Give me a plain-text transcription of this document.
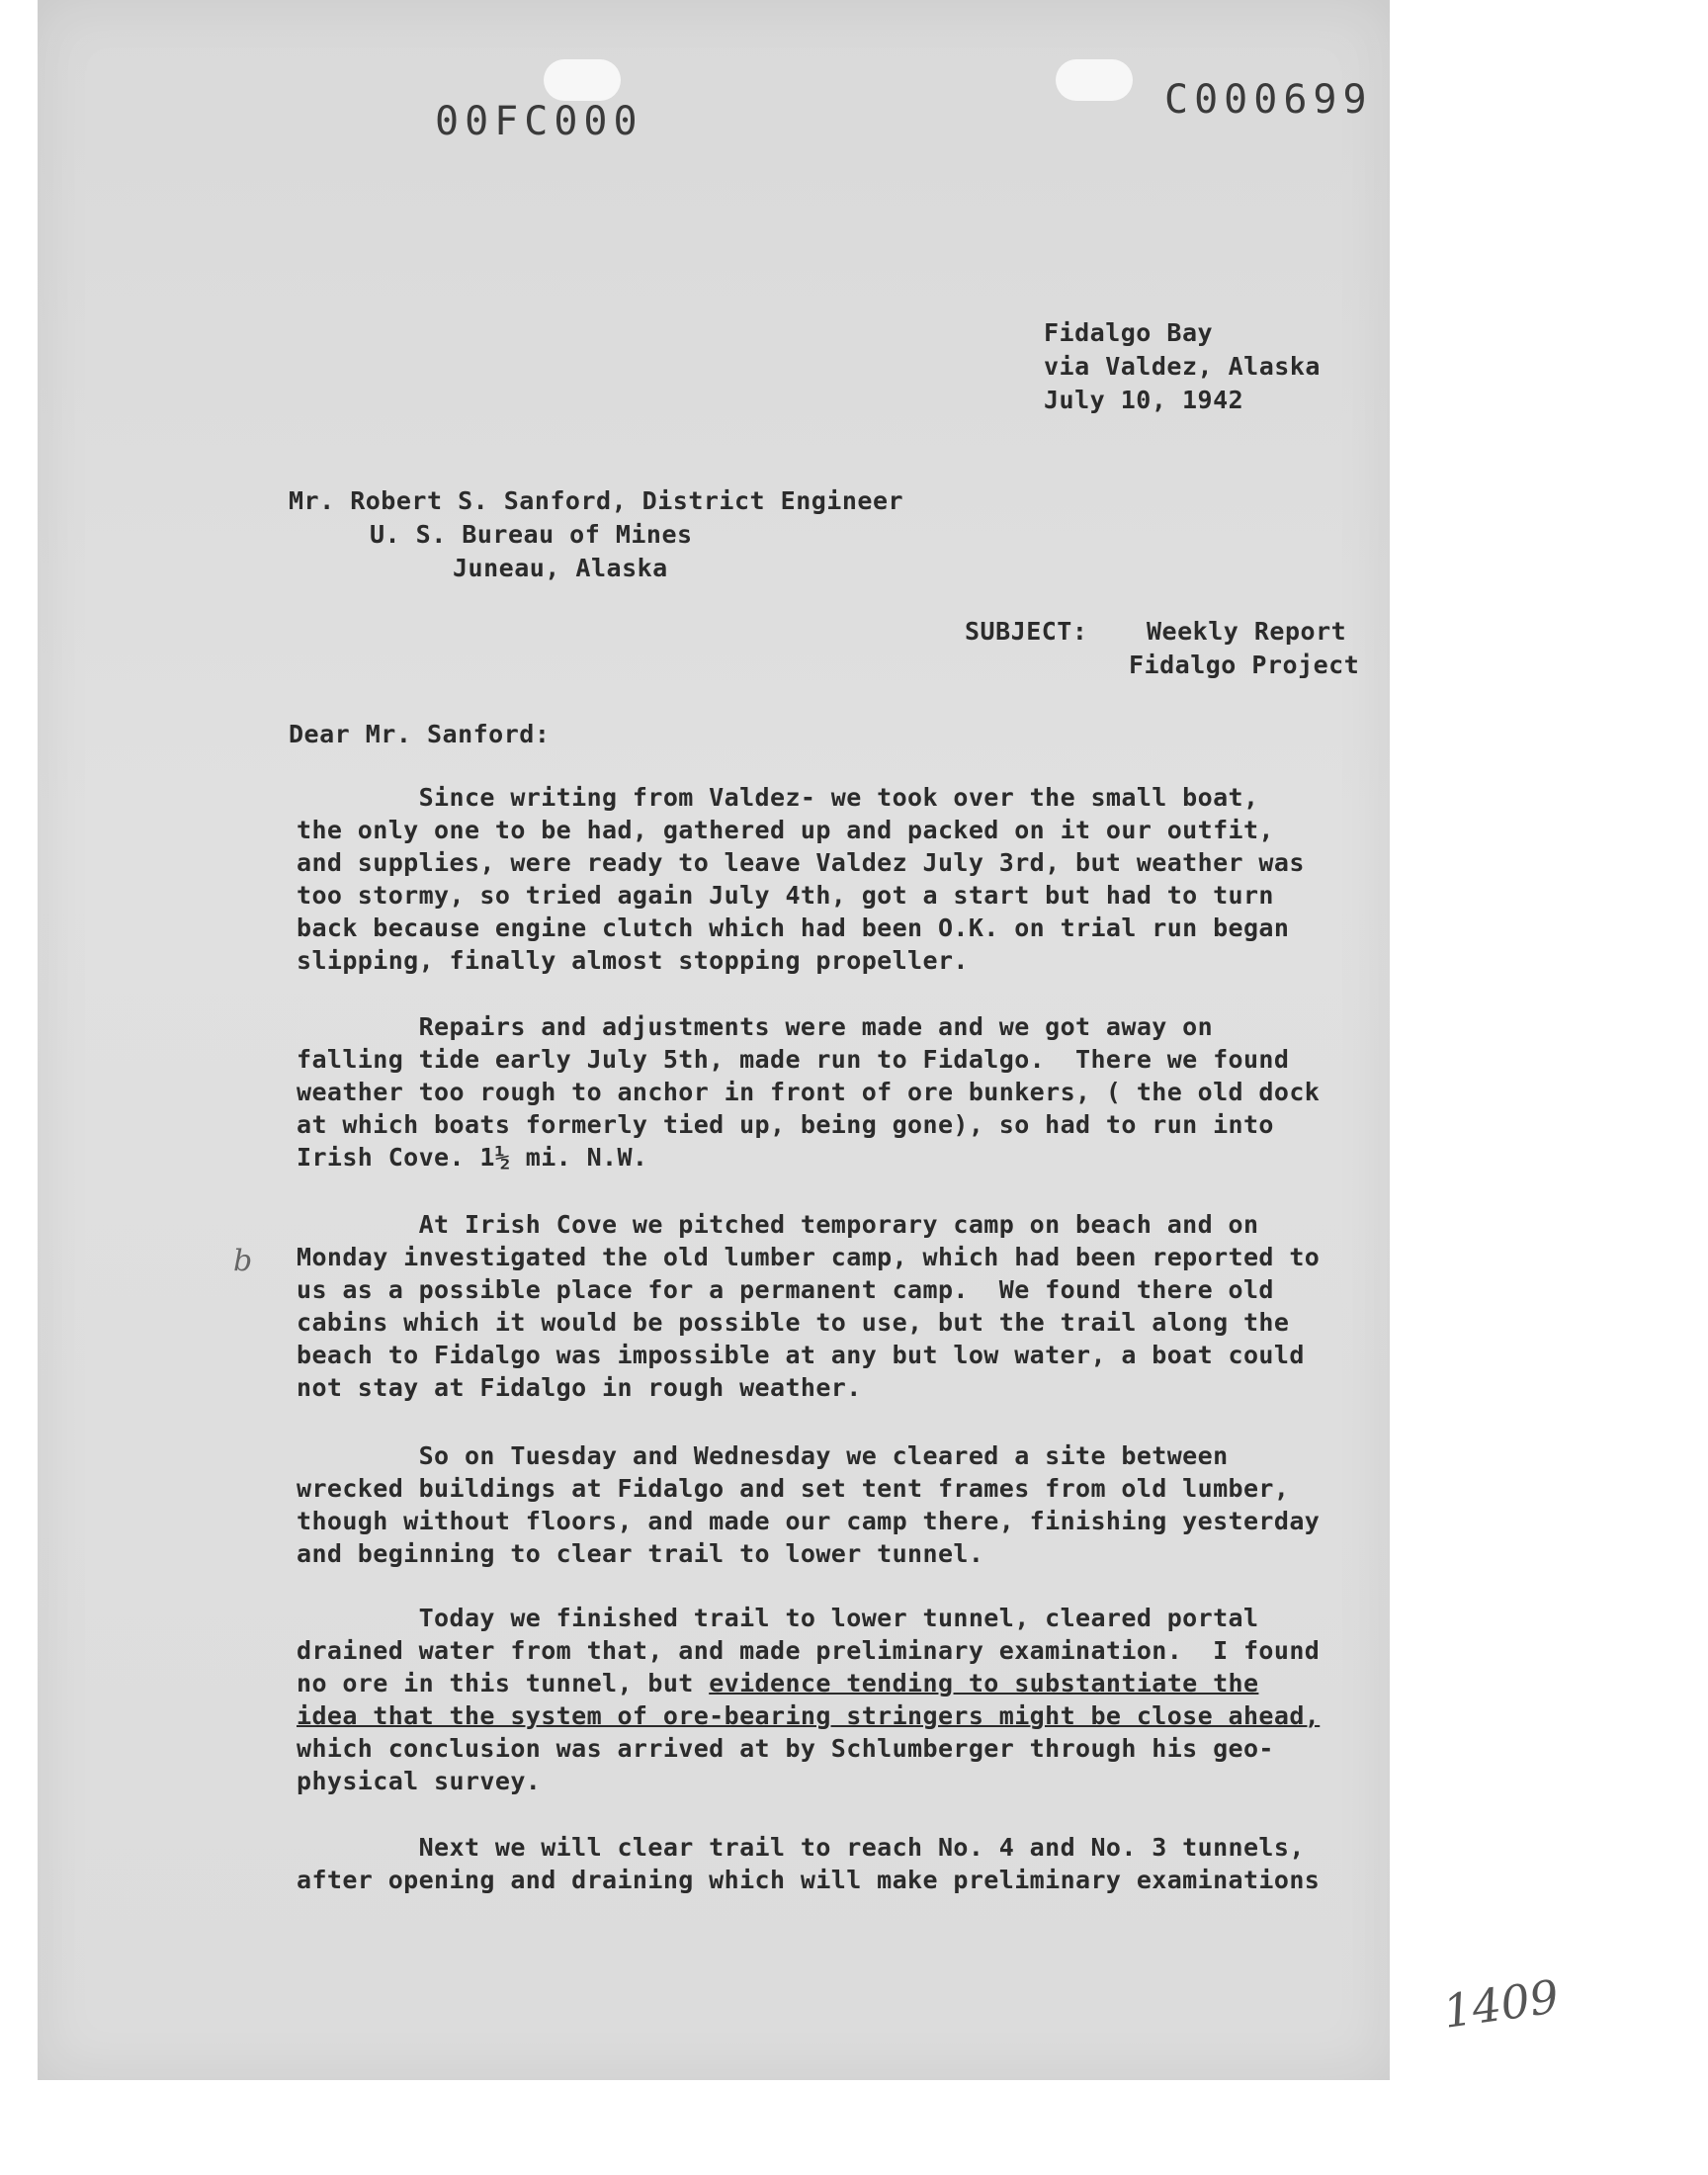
00FC000	C000699
Fidalgo Bay
via Valdez, Alaska
July 10, 1942
Mr. Robert S. Sanford, District Engineer
U. S. Bureau of Mines
Juneau, Alaska
SUBJECT: Weekly Report
Fidalgo Project
Dear Mr. Sanford:
Since writing from Valdez- we took over the small boat,
the only one to be had, gathered up and packed on it our outfit,
and supplies, were ready to leave Valdez July 3rd, but weather was
too stormy, so tried again July 4th, got a start but had to turn
back because engine clutch which had been O.K. on trial run began
slipping, finally almost stopping propeller.
Repairs and adjustments were made and we got away on
falling tide early July 5th, made run to Fidalgo.  There we found
weather too rough to anchor in front of ore bunkers, ( the old dock
at which boats formerly tied up, being gone), so had to run into
Irish Cove. 1½ mi. N.W.
At Irish Cove we pitched temporary camp on beach and on
Monday investigated the old lumber camp, which had been reported to
us as a possible place for a permanent camp.  We found there old
cabins which it would be possible to use, but the trail along the
beach to Fidalgo was impossible at any but low water, a boat could
not stay at Fidalgo in rough weather.
So on Tuesday and Wednesday we cleared a site between
wrecked buildings at Fidalgo and set tent frames from old lumber,
though without floors, and made our camp there, finishing yesterday
and beginning to clear trail to lower tunnel.
Today we finished trail to lower tunnel, cleared portal
drained water from that, and made preliminary examination.  I found
no ore in this tunnel, but evidence tending to substantiate the
idea that the system of ore-bearing stringers might be close ahead,
which conclusion was arrived at by Schlumberger through his geo-
physical survey.
Next we will clear trail to reach No. 4 and No. 3 tunnels,
after opening and draining which will make preliminary examinations
b
1409
